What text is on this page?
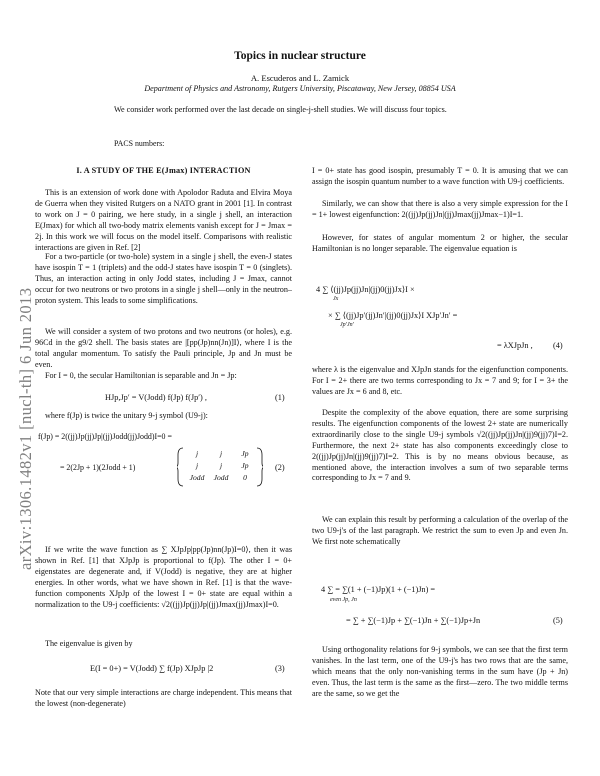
arXiv:1306.1482v1 [nucl-th] 6 Jun 2013
Topics in nuclear structure
A. Escuderos and L. Zamick
Department of Physics and Astronomy, Rutgers University, Piscataway, New Jersey, 08854 USA
We consider work performed over the last decade on single-j-shell studies. We will discuss four topics.
PACS numbers:
I. A STUDY OF THE E(Jmax) INTERACTION

This is an extension of work done with Apolodor Raduta and Elvira Moya de Guerra when they visited Rutgers on a NATO grant in 2001 [1]. In contrast to work on J = 0 pairing, we here study, in a single j shell, an interaction E(Jmax) for which all two-body matrix elements vanish except for J = Jmax = 2j. In this work we will focus on the model itself. Comparisons with realistic interactions are given in Ref. [2]

For a two-particle (or two-hole) system in a single j shell, the even-J states have isospin T = 1 (triplets) and the odd-J states have isospin T = 0 (singlets). Thus, an interaction acting in only Jodd states, including J = Jmax, cannot occur for two neutrons or two protons in a single j shell—only in the neutron–proton system. This leads to some simplifications.

We will consider a system of two protons and two neutrons (or holes), e.g. 96Cd in the g9/2 shell. The basis states are |[pp(Jp)nn(Jn)]I⟩, where I is the total angular momentum. To satisfy the Pauli principle, Jp and Jn must be even.

For I = 0, the secular Hamiltonian is separable and Jn = Jp:

HJp,Jp′ = V(Jodd) f(Jp) f(Jp′) ,	(1)

where f(Jp) is twice the unitary 9-j symbol (U9-j):

f(Jp) = 2((jj)Jp(jj)Jp|(jj)Jodd(jj)Jodd)I=0 =
= 2(2Jp + 1)(2Jodd + 1)
j	j	Jp
j	j	Jp
Jodd	Jodd	0
(2)

If we write the wave function as ∑ XJpJp|pp(Jp)nn(Jp)I=0⟩, then it was shown in Ref. [1] that XJpJp is proportional to f(Jp). The other I = 0+ eigenstates are degenerate and, if V(Jodd) is negative, they are at higher energies. In other words, what we have shown in Ref. [1] is that the wave-function components XJpJp of the lowest I = 0+ state are equal within a normalization to the U9-j coefficients: √2((jj)Jp(jj)Jp|(jj)Jmax(jj)Jmax)I=0.

The eigenvalue is given by

E(I = 0+) = V(Jodd) ∑ f(Jp) XJpJp |2	(3)

Note that our very simple interactions are charge independent. This means that the lowest (non-degenerate)

I = 0+ state has good isospin, presumably T = 0. It is amusing that we can assign the isospin quantum number to a wave function with U9-j coefficients.

Similarly, we can show that there is also a very simple expression for the I = 1+ lowest eigenfunction: 2((jj)Jp(jj)Jn|(jj)Jmax(jj)Jmax−1)I=1.

However, for states of angular momentum 2 or higher, the secular Hamiltonian is no longer separable. The eigenvalue equation is

4 ∑ ⟨(jj)Jp(jj)Jn|(jj)0(jj)Jx⟩I ×
Jx
× ∑ ⟨(jj)Jp′(jj)Jn′|(jj)0(jj)Jx⟩I XJp′Jn′ =
Jp′Jn′
= λXJpJn , (4)

where λ is the eigenvalue and XJpJn stands for the eigenfunction components. For I = 2+ there are two terms corresponding to Jx = 7 and 9; for I = 3+ the values are Jx = 6 and 8, etc.

Despite the complexity of the above equation, there are some surprising results. The eigenfunction components of the lowest 2+ state are numerically extraordinarily close to the single U9-j symbols √2((jj)Jp(jj)Jn|(jj)9(jj)7)I=2. Furthermore, the next 2+ state has also components exceedingly close to 2((jj)Jp(jj)Jn|(jj)9(jj)7)I=2. This is by no means obvious because, as mentioned above, the interaction involves a sum of two separable terms corresponding to Jx = 7 and 9.

We can explain this result by performing a calculation of the overlap of the two U9-j's of the last paragraph. We restrict the sum to even Jp and even Jn. We first note schematically

4 ∑ = ∑(1 + (−1)Jp)(1 + (−1)Jn) =
even Jp, Jn
= ∑ + ∑(−1)Jp + ∑(−1)Jn + ∑(−1)Jp+Jn	(5)

Using orthogonality relations for 9-j symbols, we can see that the first term vanishes. In the last term, one of the U9-j's has two rows that are the same, which means that the only non-vanishing terms in the sum have (Jp + Jn) even. Thus, the last term is the same as the first—zero. The two middle terms are the same, so we get the
